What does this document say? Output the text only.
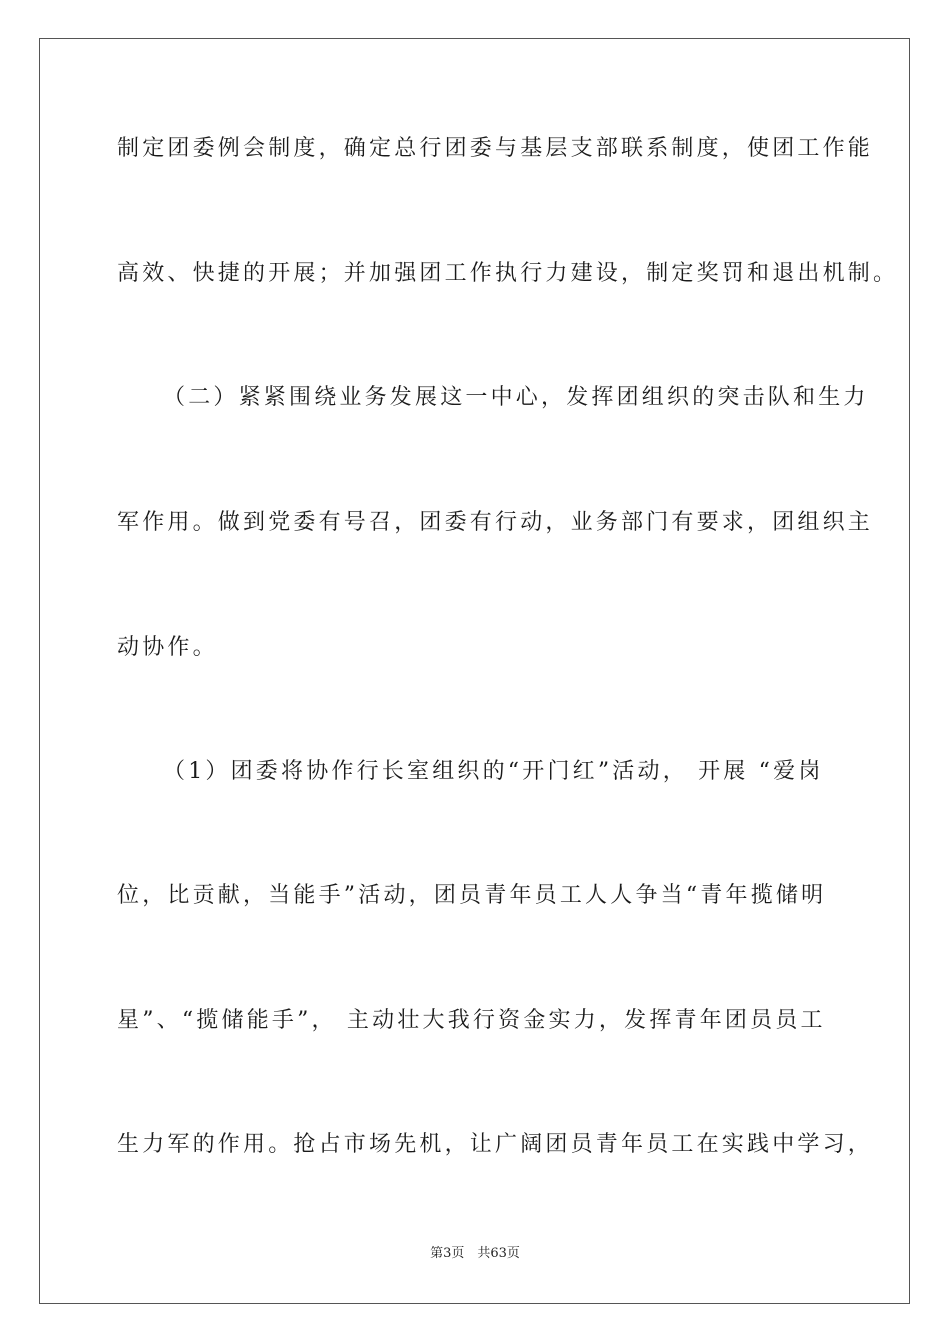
制定团委例会制度，确定总行团委与基层支部联系制度，使团工作能
高效、快捷的开展；并加强团工作执行力建设，制定奖罚和退出机制。
（二）紧紧围绕业务发展这一中心，发挥团组织的突击队和生力
军作用。做到党委有号召，团委有行动，业务部门有要求，团组织主
动协作。
（1）团委将协作行长室组织的“开门红”活动， 开展 “爱岗
位，比贡献，当能手”活动，团员青年员工人人争当“青年揽储明
星”、“揽储能手”， 主动壮大我行资金实力，发挥青年团员员工
生力军的作用。抢占市场先机，让广阔团员青年员工在实践中学习，
第3页　共63页
